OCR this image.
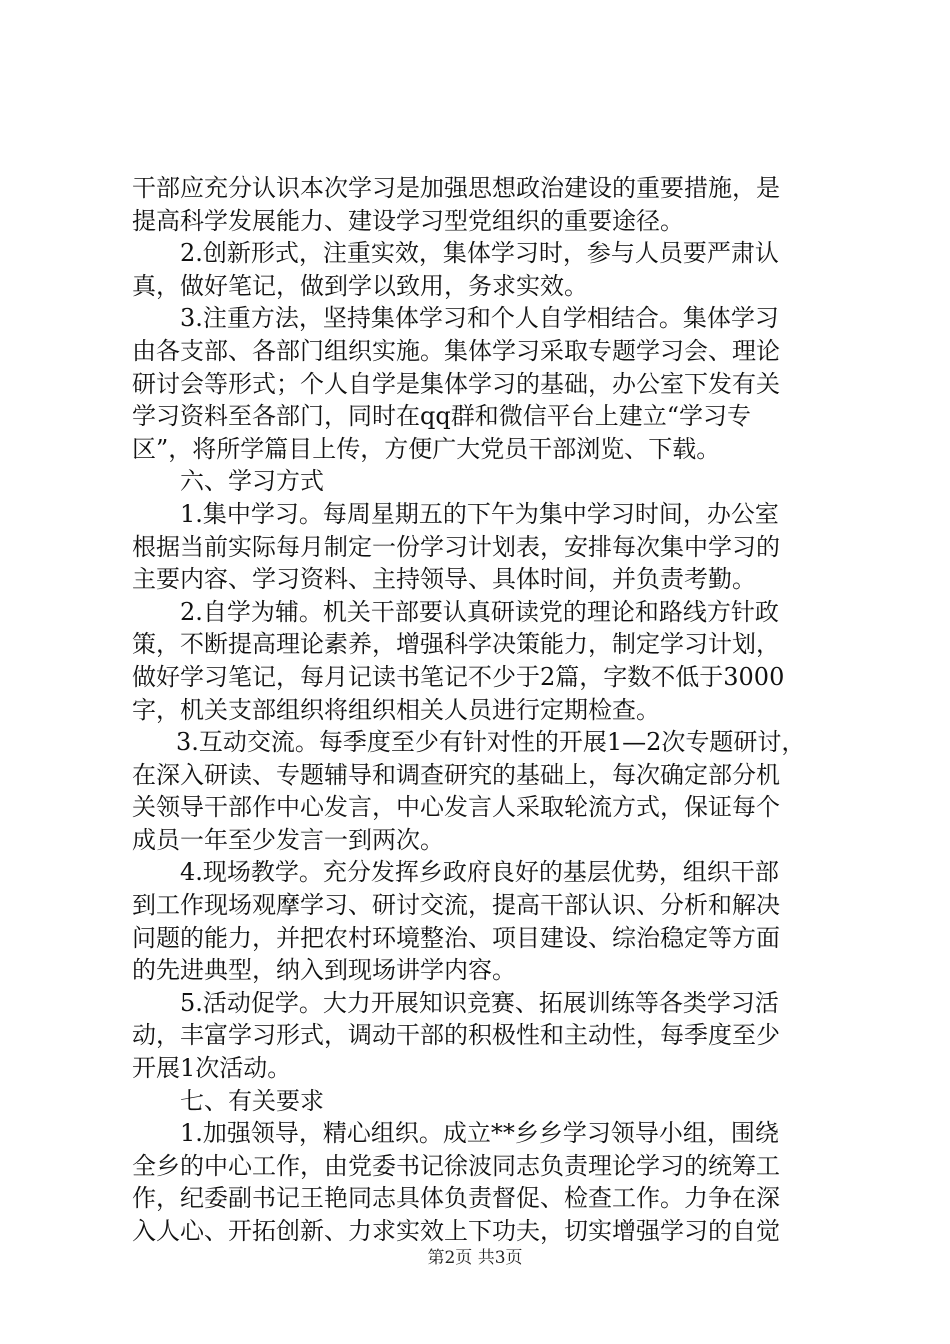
干部应充分认识本次学习是加强思想政治建设的重要措施，是
提高科学发展能力、建设学习型党组织的重要途径。
2.创新形式，注重实效，集体学习时，参与人员要严肃认
真，做好笔记，做到学以致用，务求实效。
3.注重方法，坚持集体学习和个人自学相结合。集体学习
由各支部、各部门组织实施。集体学习采取专题学习会、理论
研讨会等形式；个人自学是集体学习的基础，办公室下发有关
学习资料至各部门，同时在qq群和微信平台上建立“学习专
区”，将所学篇目上传，方便广大党员干部浏览、下载。
六、学习方式
1.集中学习。每周星期五的下午为集中学习时间，办公室
根据当前实际每月制定一份学习计划表，安排每次集中学习的
主要内容、学习资料、主持领导、具体时间，并负责考勤。
2.自学为辅。机关干部要认真研读党的理论和路线方针政
策，不断提高理论素养，增强科学决策能力，制定学习计划，
做好学习笔记，每月记读书笔记不少于2篇，字数不低于3000
字，机关支部组织将组织相关人员进行定期检查。
3.互动交流。每季度至少有针对性的开展1—2次专题研讨，
在深入研读、专题辅导和调查研究的基础上，每次确定部分机
关领导干部作中心发言，中心发言人采取轮流方式，保证每个
成员一年至少发言一到两次。
4.现场教学。充分发挥乡政府良好的基层优势，组织干部
到工作现场观摩学习、研讨交流，提高干部认识、分析和解决
问题的能力，并把农村环境整治、项目建设、综治稳定等方面
的先进典型，纳入到现场讲学内容。
5.活动促学。大力开展知识竞赛、拓展训练等各类学习活
动，丰富学习形式，调动干部的积极性和主动性，每季度至少
开展1次活动。
七、有关要求
1.加强领导，精心组织。成立**乡乡学习领导小组，围绕
全乡的中心工作，由党委书记徐波同志负责理论学习的统筹工
作，纪委副书记王艳同志具体负责督促、检查工作。力争在深
入人心、开拓创新、力求实效上下功夫，切实增强学习的自觉
第2页 共3页
